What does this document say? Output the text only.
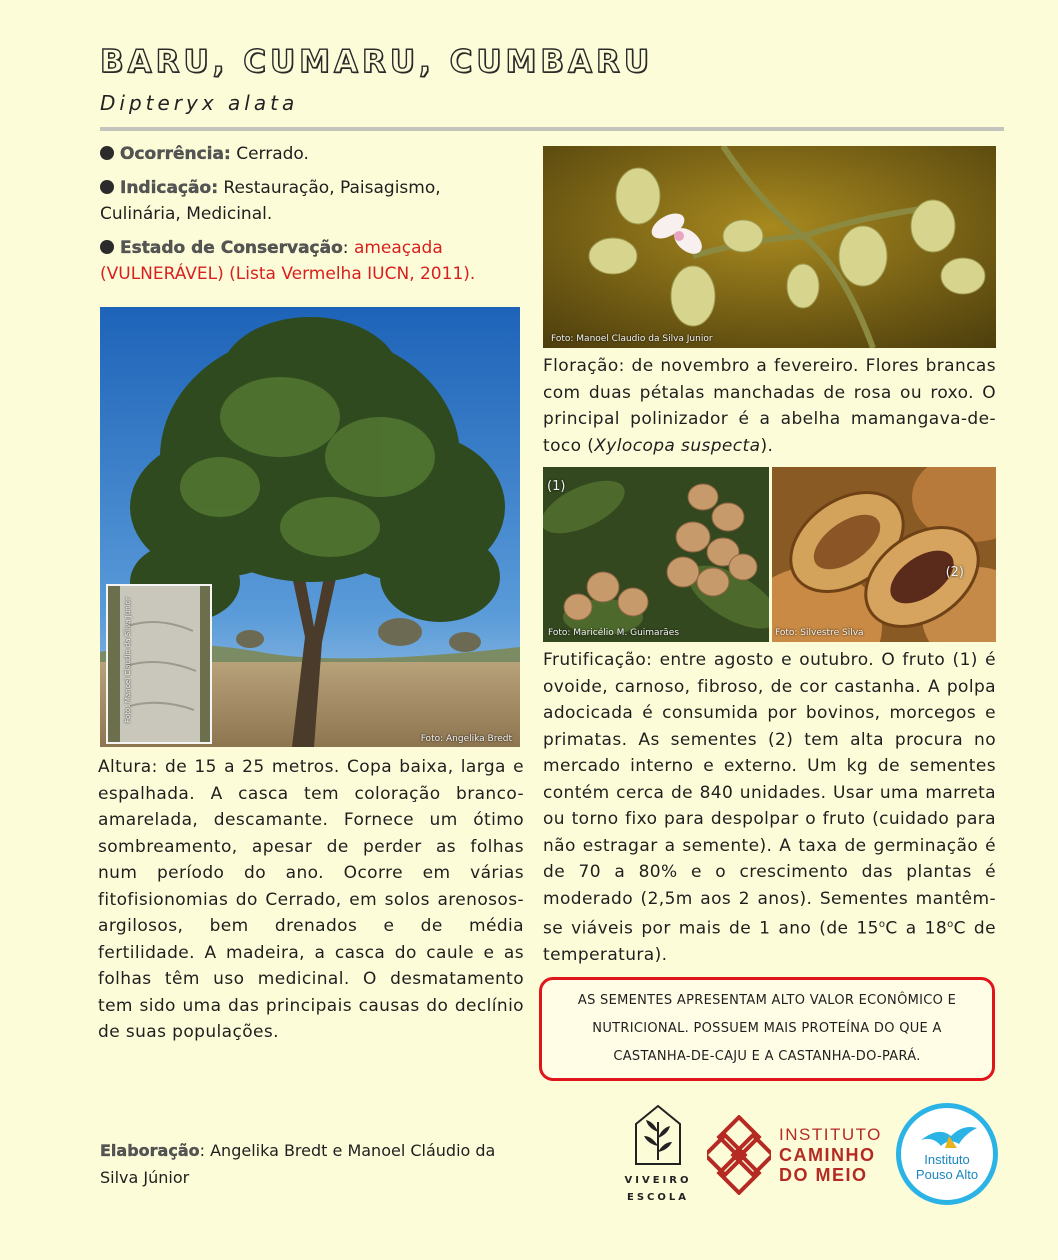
BARU, CUMARU, CUMBARU
Dipteryx alata
Ocorrência: Cerrado.
Indicação: Restauração, Paisagismo, Culinária, Medicinal.
Estado de Conservação: ameaçada (VULNERÁVEL) (Lista Vermelha IUCN, 2011).
Foto: Manoel Claudio da Silva Junior
Foto: Angelika Bredt
Altura: de 15 a 25 metros. Copa baixa, larga e espalhada. A casca tem coloração branco-amarelada, descamante. Fornece um ótimo sombreamento, apesar de perder as folhas num período do ano. Ocorre em várias fitofisionomias do Cerrado, em solos arenosos-argilosos, bem drenados e de média fertilidade. A madeira, a casca do caule e as folhas têm uso medicinal. O desmatamento tem sido uma das principais causas do declínio de suas populações.
Foto: Manoel Claudio da Silva Junior
Floração: de novembro a fevereiro. Flores brancas com duas pétalas manchadas de rosa ou roxo. O principal polinizador é a abelha mamangava-de-toco (Xylocopa suspecta).
(1)
Foto: Maricélio M. Guimarães
(2)
Foto: Silvestre Silva
Frutificação: entre agosto e outubro. O fruto (1) é ovoide, carnoso, fibroso, de cor castanha. A polpa adocicada é consumida por bovinos, morcegos e primatas. As sementes (2) tem alta procura no mercado interno e externo. Um kg de sementes contém cerca de 840 unidades. Usar uma marreta ou torno fixo para despolpar o fruto (cuidado para não estragar a semente). A taxa de germinação é de 70 a 80% e o crescimento das plantas é moderado (2,5m aos 2 anos). Sementes mantêm-se viáveis por mais de 1 ano (de 15$^o$C a 18$^o$C de temperatura).
AS SEMENTES APRESENTAM ALTO VALOR ECONÔMICO E NUTRICIONAL. POSSUEM MAIS PROTEÍNA DO QUE A CASTANHA-DE-CAJU E A CASTANHA-DO-PARÁ.
Elaboração: Angelika Bredt e Manoel Cláudio da Silva Júnior	VIVEIRO
ESCOLA
INSTITUTO
CAMINHO
DO MEIO
Instituto
Pouso Alto
